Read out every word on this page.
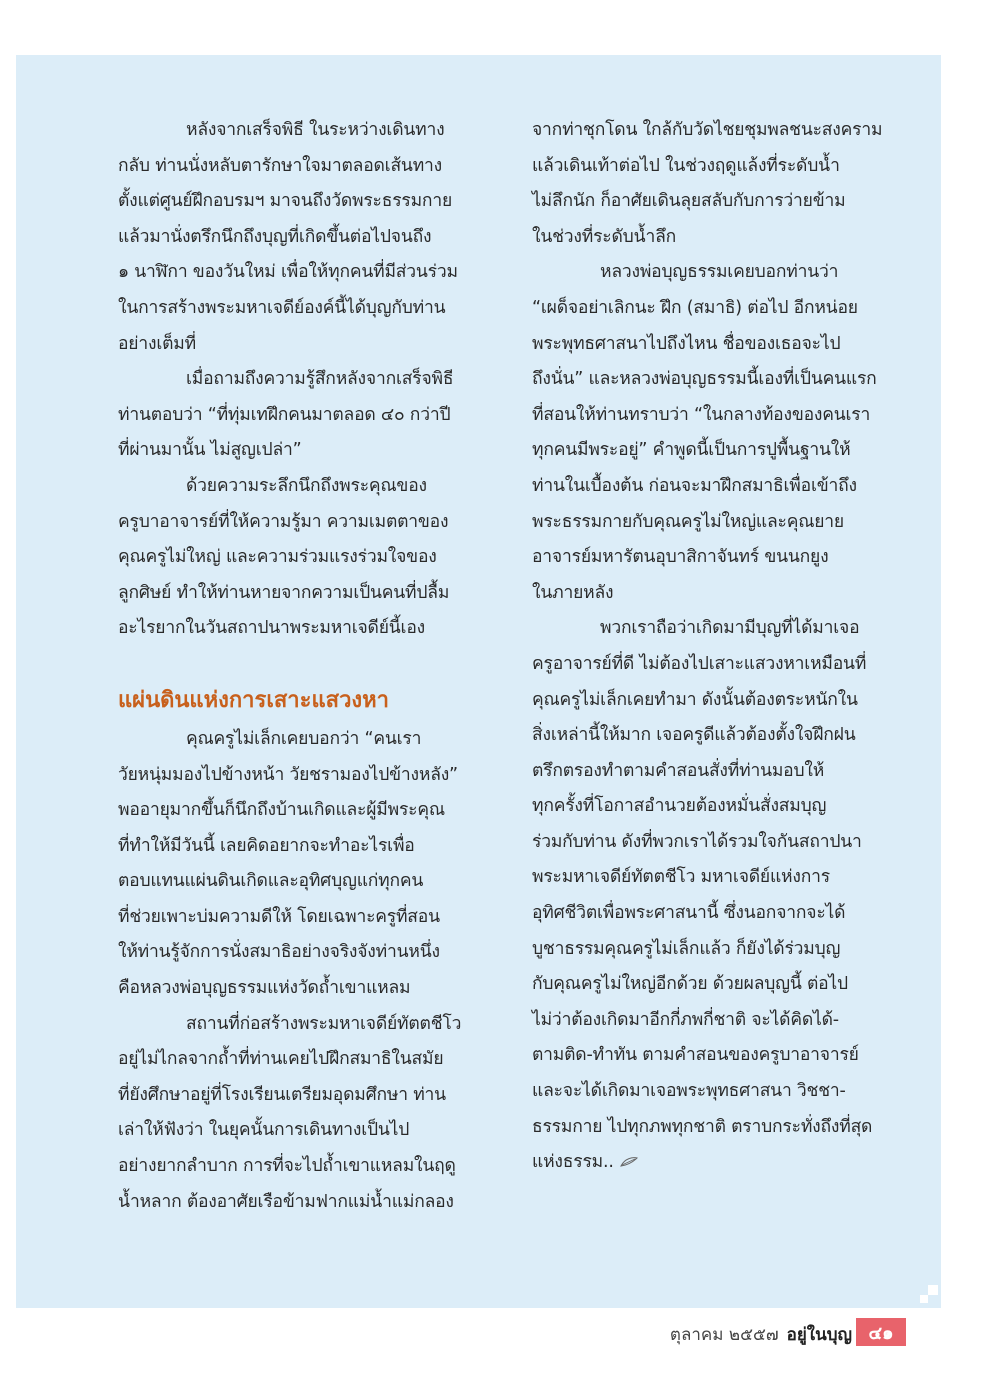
หลังจากเสร็จพิธี ในระหว่างเดินทาง
กลับ ท่านนั่งหลับตารักษาใจมาตลอดเส้นทาง
ตั้งแต่ศูนย์ฝึกอบรมฯ มาจนถึงวัดพระธรรมกาย
แล้วมานั่งตรึกนึกถึงบุญที่เกิดขึ้นต่อไปจนถึง
๑ นาฬิกา ของวันใหม่ เพื่อให้ทุกคนที่มีส่วนร่วม
ในการสร้างพระมหาเจดีย์องค์นี้ได้บุญกับท่าน
อย่างเต็มที่
เมื่อถามถึงความรู้สึกหลังจากเสร็จพิธี
ท่านตอบว่า “ที่ทุ่มเทฝึกคนมาตลอด ๔๐ กว่าปี
ที่ผ่านมานั้น ไม่สูญเปล่า”
ด้วยความระลึกนึกถึงพระคุณของ
ครูบาอาจารย์ที่ให้ความรู้มา ความเมตตาของ
คุณครูไม่ใหญ่ และความร่วมแรงร่วมใจของ
ลูกศิษย์ ทำให้ท่านหายจากความเป็นคนที่ปลื้ม
อะไรยากในวันสถาปนาพระมหาเจดีย์นี้เอง
แผ่นดินแห่งการเสาะแสวงหา
คุณครูไม่เล็กเคยบอกว่า “คนเรา
วัยหนุ่มมองไปข้างหน้า วัยชรามองไปข้างหลัง”
พออายุมากขึ้นก็นึกถึงบ้านเกิดและผู้มีพระคุณ
ที่ทำให้มีวันนี้ เลยคิดอยากจะทำอะไรเพื่อ
ตอบแทนแผ่นดินเกิดและอุทิศบุญแก่ทุกคน
ที่ช่วยเพาะบ่มความดีให้ โดยเฉพาะครูที่สอน
ให้ท่านรู้จักการนั่งสมาธิอย่างจริงจังท่านหนึ่ง
คือหลวงพ่อบุญธรรมแห่งวัดถ้ำเขาแหลม
สถานที่ก่อสร้างพระมหาเจดีย์ทัตตชีโว
อยู่ไม่ไกลจากถ้ำที่ท่านเคยไปฝึกสมาธิในสมัย
ที่ยังศึกษาอยู่ที่โรงเรียนเตรียมอุดมศึกษา ท่าน
เล่าให้ฟังว่า ในยุคนั้นการเดินทางเป็นไป
อย่างยากลำบาก การที่จะไปถ้ำเขาแหลมในฤดู
น้ำหลาก ต้องอาศัยเรือข้ามฟากแม่น้ำแม่กลอง
จากท่าชุกโดน ใกล้กับวัดไชยชุมพลชนะสงคราม
แล้วเดินเท้าต่อไป ในช่วงฤดูแล้งที่ระดับน้ำ
ไม่ลึกนัก ก็อาศัยเดินลุยสลับกับการว่ายข้าม
ในช่วงที่ระดับน้ำลึก
หลวงพ่อบุญธรรมเคยบอกท่านว่า
“เผด็จอย่าเลิกนะ ฝึก (สมาธิ) ต่อไป อีกหน่อย
พระพุทธศาสนาไปถึงไหน ชื่อของเธอจะไป
ถึงนั่น” และหลวงพ่อบุญธรรมนี้เองที่เป็นคนแรก
ที่สอนให้ท่านทราบว่า “ในกลางท้องของคนเรา
ทุกคนมีพระอยู่” คำพูดนี้เป็นการปูพื้นฐานให้
ท่านในเบื้องต้น ก่อนจะมาฝึกสมาธิเพื่อเข้าถึง
พระธรรมกายกับคุณครูไม่ใหญ่และคุณยาย
อาจารย์มหารัตนอุบาสิกาจันทร์ ขนนกยูง
ในภายหลัง
พวกเราถือว่าเกิดมามีบุญที่ได้มาเจอ
ครูอาจารย์ที่ดี ไม่ต้องไปเสาะแสวงหาเหมือนที่
คุณครูไม่เล็กเคยทำมา ดังนั้นต้องตระหนักใน
สิ่งเหล่านี้ให้มาก เจอครูดีแล้วต้องตั้งใจฝึกฝน
ตรึกตรองทำตามคำสอนสั่งที่ท่านมอบให้
ทุกครั้งที่โอกาสอำนวยต้องหมั่นสั่งสมบุญ
ร่วมกับท่าน ดังที่พวกเราได้รวมใจกันสถาปนา
พระมหาเจดีย์ทัตตชีโว มหาเจดีย์แห่งการ
อุทิศชีวิตเพื่อพระศาสนานี้ ซึ่งนอกจากจะได้
บูชาธรรมคุณครูไม่เล็กแล้ว ก็ยังได้ร่วมบุญ
กับคุณครูไม่ใหญ่อีกด้วย ด้วยผลบุญนี้ ต่อไป
ไม่ว่าต้องเกิดมาอีกกี่ภพกี่ชาติ จะได้คิดได้-
ตามติด-ทำทัน ตามคำสอนของครูบาอาจารย์
และจะได้เกิดมาเจอพระพุทธศาสนา วิชชา-
ธรรมกาย ไปทุกภพทุกชาติ ตราบกระทั่งถึงที่สุด
แห่งธรรม..
ตุลาคม ๒๕๕๗ อยู่ในบุญ ๔๑
